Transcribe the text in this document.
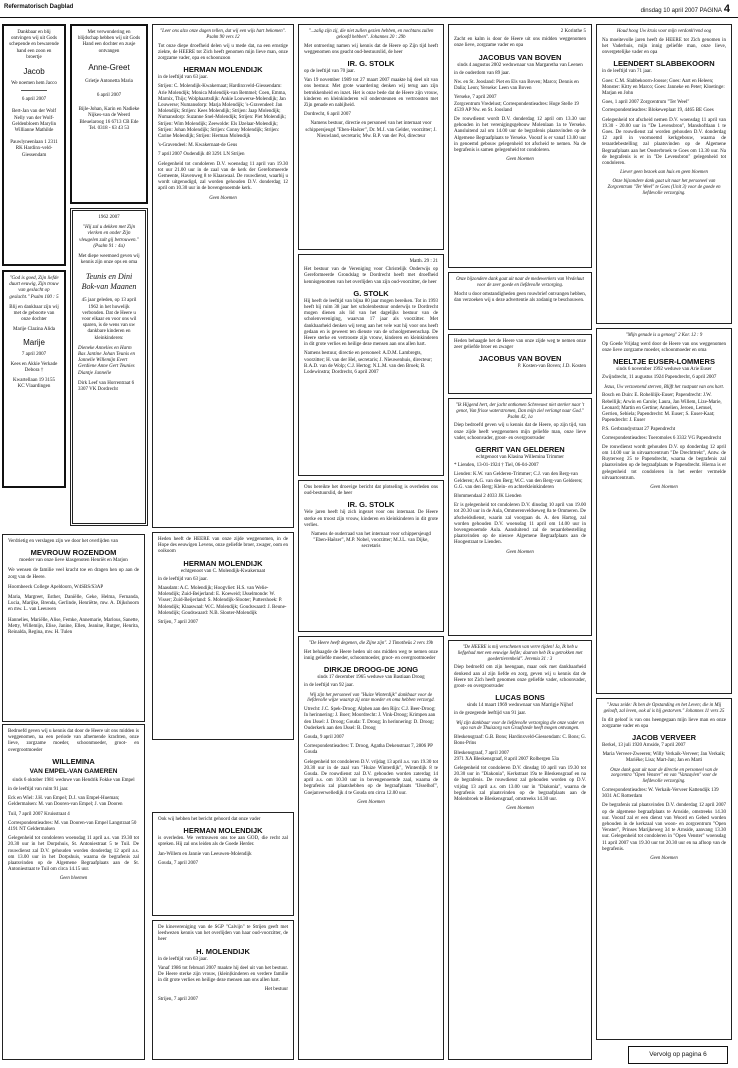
Refermatorisch Dagblad
dinsdag 10 april 2007 PAGINA 4
Dankbaar en blij ontvingen wij uit Gods schepende en bewarende hand een zoon en broertje
Jacob
We noemen hem Jacco
6 april 2007
Bert-Jan van der Wolf Nelly van der Wolf-Geldenbloem Marylin Willianne Mathilde
Pauwlyneenlaan 1 2311 RK Hardinx-veld-Giessendam
"God is goed, Zijn liefde duurt eeuwig, Zijn trouw van geslacht op geslacht." Psalm 100 : 5
Blij en dankbaar zijn wij met de geboorte van onze dochter
Marije Clazina Alida
Marije
7 april 2007
Kees en Akkie Verkade Debora †
Kwartellaan 19 3155 KC Vlaardingen
Verdrietig en verslagen zijn we door het overlijden van
MEVROUW ROZENDOM
moeder van onze lieve klasgenoten Henriët en Marjon
We wensen de familie veel kracht toe en dragen hen op aan de zorg van de Heere.
Hoornbeeck College Apeldoorn, W4SBS/S3AP
Maria, Margreet, Esther, Daniëlle, Geke, Helma, Fernanda, Lucia, Marijke, Brenda, Gerlinde, Henriëtte, mw. A. Dijkshoorn en mw. L. van Leeuwen
Hannelies, Mariëlle, Alise, Femke, Annemarie, Marlous, Sanette, Metty, Willemijn, Elise, Janine, Ellen, Jeanine, Rutger, Henrita, Reinalda, Regina, mw. H. Tulen
Bedroefd geven wij u kennis dat door de Heere uit ons midden is weggenomen, na een periode van afnemende krachten, onze lieve, zorgzame moeder, schoonmoeder, groot- en overgrootmoeder
WILLEMINA
VAN EMPEL-VAN GAMEREN
sinds 6 oktober 1981 weduwe van Hendrik Fokke van Empel
in de leeftijd van ruim 91 jaar.
Eck en Wiel: J.H. van Empel; D.J. van Empel-Hueman; Geldermalsen: M. van Dooren-van Empel; J. van Dooren
Tuil, 7 april 2007 Kruisstraat 4
Correspondentieadres: M. van Dooren-van Empel Langstraat 50 4191 NT Geldermalsen
Gelegenheid tot condoleren woensdag 11 april a.s. van 19.30 tot 20.30 uur in het Dorpshuis, St. Antoniestraat 5 te Tuil. De rouwdienst zal D.V. gehouden worden donderdag 12 april a.s. om 13.00 uur in het Dorpshuis, waarna de begrafenis zal plaatsvinden op de Algemene Begraafplaats aan de St. Antoniestraat te Tuil om circa 14.15 uur.
Geen bloemen
Met verwondering en blijdschap hebben wij uit Gods Hand een dochter en zusje ontvangen
Anne-Greet
Grietje Antonetta Maria
6 april 2007
Bijle-Johan, Karin en Nadieke Nijkes-van de Weerd Bleuelaroog 16 6713 CB Ede Tel. 0318 - 63 43 53
1962 2007
"Hij zal u dekken met Zijn vlerken en onder Zijn vleugelen zult gij betrouwen." (Psalm 91 : 4a)
Met diepe weemoed geven wij kennis zijn onze ops en oma
Teunis en Dini Bok-van Maanen
45 jaar geleden, op 13 april 1962 in het huwelijk verbonden. Dat de Heere u voor elkaar en voor ons wil sparen, is de wens van uw dankbare kinderen en kleinkinderen:
Dieneke Annelies en Harm Bas Jantine Johan Teunis en Jannelie Willemijn Evert Gerdiene Anne Gert Teunies Diantje Jannelie
Dirk Leef van Horrentraat 6 3307 VK Dordrecht
"Leer ons alzo onze dagen tellen, dat wij een wijs hart bekomen". Psalm 90 vers 12
Tot onze diepe droefheid delen wij u mede dat, na een ernstige ziekte, de HEERE tot Zich heeft genomen mijn lieve man, onze zorgzame vader, opa en schoonzoon
HERMAN MOLENDIJK
in de leeftijd van 63 jaar.
Strijen: C. Molendijk-Kwakernaat; Hardinxveld-Giessendam: Arie Molendijk; Monica Molendijk-van Bemmel; Coen, Emma, Marnix, Thijs; Wolphaartsdijk: Ankie Louwerse-Molendijk; Jan Louwerse; Numansdorp: Marja Molendijk; 's-Gravendeel: Jan Molendijk; Strijen: Kees Molendijk; Strijen: Jaap Molendijk; Numansdorp: Suzanne Snel-Molendijk; Strijen: Piet Molendijk; Strijen: Wim Molendijk; Zeewolde: Els IJzelaar-Molendijk; Strijen: Johan Molendijk; Strijen: Conny Molendijk; Strijen: Carine Molendijk; Strijen: Herman Molendijk
's-Gravendeel: M. Kwakernaat-de Geus
7 april 2007 Oudendijk 48 3291 LN Strijen
Gelegenheid tot condoleren D.V. woensdag 11 april van 19.30 tot uur 21.00 uur in de zaal van de kerk der Gereformeerde Gemeente, Havenweg 8 te Klaaswaal. De rouwdienst, waarbij u wordt uitgenodigd, zal worden gehouden D.V. donderdag 12 april om 10.30 uur in de bovengenoemde kerk.
Geen bloemen
Heden heeft de HEERE van onze zijde weggenomen, in de Hope des eeuwigen Levens, onze geliefde broer, zwager, oom en ooikoom
HERMAN MOLENDIJK
echtgenoot van C. Molendijk-Kwakernaat
in de leeftijd van 63 jaar.
Maasdam: A.C. Molendijk; Hoogvliet: H.S. van Welie-Molendijk; Zuid-Beijerland: E. Koeweid; IJsselmonde: W. Visser; Zuid-Beijerland: S. Molendijk-Slooter; Puttershoek: P. Molendijk; Klaaswaal: W.C. Molendijk; Goudswaard: J. Beune-Molendijk; Goudswaard: N.B. Slooter-Molendijk
Strijen, 7 april 2007
Ook wij hebben het bericht gehoord dat onze vader
HERMAN MOLENDIJK
is overleden. We vertrouwen ons toe aan GOD, die recht zal spreken. Hij zal ons leiden als de Goede Herder.
Jan-Willem en Jannie van Leeuwen-Molendijk
Gouda, 7 april 2007
De kinevereniging van de SGP "Calvijn" te Strijen geeft met leedwezen kennis van het overlijden van haar oud-voorzitter, de heer
H. MOLENDIJK
in de leeftijd van 63 jaar.
Vanaf 1986 tot februari 2007 maakte hij deel uit van het bestuur. De Heere sterke zijn vrouw, (klein)kinderen en verdere familie in dit grote verlies en heilige deze mensen aan ons allen hart.
Het bestuur
Strijen, 7 april 2007
"...zalig zijn zij, die niet zullen gezien hebben, en nochtans zullen geloofd hebben". Johannes 20 : 29b
Met ontroering namen wij kennis dat de Heere op Zijn tijd heeft weggenomen ons geacht oud-bestuurslid, de heer
IR. G. STOLK
op de leeftijd van 70 jaar.
Van 19 november 1989 tot 27 maart 2007 maakte hij deel uit van ons bestuur. Met grote waardering denken wij terug aan zijn betrokkenheid en inzet. Het is onze bede dat de Heere zijn vrouw, kinderen en kleinkinderen wil ondersteunen en vertroosten met Zijn genade en nabijheid.
Dordrecht, 6 april 2007
Namens bestuur, directie en personeel van het internaat voor schippersjeugd "Eben-Haëzer", Dr. M.J. van Gelder, voorzitter; J. Nieuwland, secretaris; Mw. B.P. van der Pol, directeur
Matth. 29 : 21
Het bestuur van de Vereniging voor Christelijk Onderwijs op Gereformeerde Grondslag te Dordrecht heeft met droefheid kennisgenomen van het overlijden van zijn oud-voorzitter, de heer
G. STOLK
Hij heeft de leeftijd van bijna 80 jaar mogen bereiken. Tot in 1993 heeft hij ruim 38 jaar het scholenbestuur onderwijs te Dordrecht mogen dienen als lid van het dagelijks bestuur van de scholenvereniging, waarvan 17 jaar als voorzitter. Met dankbaarheid denken wij terug aan het vele wat hij voor ons heeft gedaan en is geweest ten dienste van de schoolgemeenschap. De Heere sterke en vertrooste zijn vrouw, kinderen en kleinkinderen in dit grote verlies en heilige deze mensen aan ons allen hart.
Namens bestuur, directie en personeel: A.D.M. Lambregts, voorzitter; H. van der Hel, secretaris; J. Nieuwenhuis, directeur; B.A.D. van de Wolp; C.J. Hertog; N.L.M. van den Broek; B. Lodewinstra; Dordrecht, 6 april 2007
Ons bereikte het droevige bericht dat plotseling is overleden ons oud-bestuurslid, de heer
IR. G. STOLK
Vele jaren heeft hij zich ingezet voor ons internaat. De Heere sterke en troost zijn vrouw, kinderen en kleinkinderen in dit grote verlies.
Namens de ouderraad van het internaat voor schippersjeugd "Eben-Haëzer", M.P. Nobel, voorzitter; M.J.L. van Dijke, secretaris
"De Heere heeft degenen, die Zijne zijn". 2 Timotheüs 2 vers 19b
Het behaagde de Heere heden uit ons midden weg te nemen onze innig geliefde moeder, schoonmoeder, groot- en overgrootmoeder
DIRKJE DROOG-DE JONG
sinds 17 december 1965 weduwe van Bastiaan Droog
in de leeftijd van 92 jaar.
Wij zijn het personeel van "Huize Winterdijk" dankbaar voor de liefdevolle wijze waarop zij onze moeder en oma hebben verzorgd.
Utrecht: J.C. Spek-Droog; Alphen aan den Rijn: C.J. Beer-Droog; In herinnering: J. Boer; Moordrecht: J. Vink-Droog; Krimpen aan den IJssel: J. Droog; Gouda: T. Droog; In herinnering: D. Droog; Ouderkerk aan den IJssel: B. Droog
Gouda, 9 april 2007
Correspondentieadres: T. Droog, Agatha Dekenstraat 7, 2806 PP Gouda
Gelegenheid tot condoleren D.V. vrijdag 13 april a.s. van 19.30 tot 20.30 uur in de zaal van "Huize Winterdijk", Winterdijk 8 te Gouda. De rouwdienst zal D.V. gehouden worden zaterdag 14 april a.s. om 10.30 uur in bovengenoemde zaal, waarna de begrafenis zal plaatshebben op de begraafplaats "IJsselhof", Goejanverwelledijk 4 te Gouda om circa 12.00 uur.
Geen bloemen
2 Korinthe 5
Zacht en kalm is door de Heere uit ons midden weggenomen onze lieve, zorgzame vader en opa
JACOBUS VAN BOVEN
sinds 4 augustus 2002 weduwnaar van Margaretha van Leenen
in de ouderdom van 89 jaar.
Nw. en St. Joosland: Piet en Els van Boven; Marco; Dennis en Dalia; Leon; Yerseke: Leen van Boven
Yerseke, 7 april 2007
Zorgcentrum Vredelust; Correspondentieadres: Hoge Stelle 19 4539 AP Nw. en St. Joosland
De rouwdienst wordt D.V. donderdag 12 april om 13.30 uur gehouden in het verenigingsgebouw Molenlaan 1a te Yerseke. Aansluitend zal om 14.00 uur de begrafenis plaatsvinden op de Algemene Begraafplaats te Yerseke. Vooraf is er vanaf 13.00 uur in genoemd gebouw gelegenheid tot afscheid te nemen. Na de begrafenis is samen gelegenheid tot condoleren.
Geen bloemen
Onze bijzondere dank gaat uit naar de medewerkers van Vredeluut voor de zeer goede en liefdevolle verzorging.
Mocht u door omstandigheden geen rouwbrief ontvangen hebben, dan verzoeken wij u deze advertentie als zodanig te beschouwen.
Heden behaagde het de Heere van onze zijde weg te nemen onze zeer geliefde broer en zwager
JACOBUS VAN BOVEN
P. Kosten-van Boven; J.D. Kosten
"Ik Hijgend hert, der jacht ontkomen Schreeuwt niet sterker naar 't genot, Van frisse waterstromen, Dan mijn ziel verlangt naar God." Psalm 42, 1a
Diep bedroefd geven wij u kennis dat de Heere, op zijn tijd, van onze zijde heeft weggenomen mijn geliefde man, onze lieve vader, schoonvader, groot- en overgrootvader
GERRIT VAN GELDEREN
echtgenoot van Klasina Willemina Trimmer
* Lienden, 13-01-1924 † Tiel, 06-04-2007
Lienden: K.W. van Gelderen-Trimmer; C.J. van den Berg-van Gelderen; A.G. van den Berg; W.C. van den Berg-van Gelderen; G.G. van den Berg; Klein- en achterkleinkinderen
Blommendaal 2 4033 JK Lienden
Er is gelegenheid tot condoleren D.V. dinsdag 10 april van 19.00 tot 20.30 uur in de Aula, Ommerenveldseweg 8a te Ommeren. De afscheidsdienst, waarin zal voorgaan ds. A. den Hartog, zal worden gehouden D.V. woensdag 11 april om 14.00 uur in bovengenoemde Aula. Aansluitend zal de teraardebestelling plaatsvinden op de nieuwe Algemene Begraafplaats aan de Hoogestraat te Lienden.
Geen bloemen
"De HEERE is mij verschenen van verre tijden! Ja, Ik heb u liefgehad met een eeuwige liefde; daarom heb Ik u getrokken met goedertierenheid". Jeremia 31 : 3
Diep bedroefd om zijn heengaan, maar ook met dankbaarheid denkend aan al zijn liefde en zorg, geven wij u kennis dat de Heere tot Zich heeft genomen onze geliefde vader, schoonvader, groot- en overgrootvader
LUCAS BONS
sinds 14 maart 1969 weduwnaar van Marrigje Nijhof
in de gezegende leeftijd van 91 jaar.
Wij zijn dankbaar voor de liefdevolle verzorging die onze vader en opa van de Thuiszorg van Graafstede heeft mogen ontvangen.
Bleskensgraaf: G.B. Bons; Hardinxveld-Giessendam: C. Bons; G. Bons-Prins
Bleskensgraaf, 7 april 2007
2971 XA Bleskensgraaf, 8 april 2007 Rolbergen 53a
Gelegenheid tot condoleren D.V. dinsdag 10 april van 19.30 tot 20.30 uur in "Diakonia", Kerkstraat 19a te Bleskensgraaf en na de begrafenis. De rouwdienst zal gehouden worden op D.V. vrijdag 13 april a.s. om 13.00 uur in "Diakonia", waarna de begrafenis zal plaatsvinden op de begraafplaats aan de Molenbroek te Bleskensgraaf, omstreeks 14.30 uur.
Geen bloemen
Houd hoog Uw kruis voor mijn verdonk'rend oog
Na moeitevolle jaren heeft de HEERE tot Zich genomen in het Vaderhuis, mijn innig geliefde man, onze lieve, onvergetelijke vader en opa
LEENDERT SLABBEKOORN
in de leeftijd van 71 jaar.
Goes: C.M. Slabbekoorn-Joosse; Goes: Aart en Heleen; Monster: Kitty en Marco; Goes: Janneke en Peter; Kloetinge: Marjan en John
Goes, 1 april 2007 Zorgcentrum "Ter Weel"
Correspondentieadres: Blokeweplaat 19, 4465 BE Goes
Gelegenheid tot afscheid nemen D.V. woensdag 11 april van 19.30 - 20.00 uur in "De Levensbron", Manshoftlaan 1 te Goes. De rouwdienst zal worden gehouden D.V. donderdag 12 april in voornoemd kerkgebouw, waarna de teraardebestelling zal plaatsvinden op de Algemene Begraafplaats aan het Oosterbroek te Goes om 13.30 uur. Na de begrafenis is er in "De Levensbron" gelegenheid tot condoleren.
Liever geen bezoek aan huis en geen bloemen
Onze bijzondere dank gaat uit naar het personeel van Zorgcentrum "Ter Weel" te Goes (Unit 3) voor de goede en liefdevolle verzorging.
"Mijn genade is u genoeg" 2 Kor. 12 : 9
Op Goede Vrijdag werd door de Heere van ons weggenomen onze lieve zorgzame moeder, schoonmoeder en oma
NEELTJE EUSER-LOMMERS
sinds 6 november 1992 weduwe van Arie Euser
Zwijndrecht, 11 augustus 1924 Papendrecht, 6 april 2007
Jezus, Uw verzoenend sterven, Blijft het rustpunt van ons hart.
Bosch en Duin: E. Rohelilijk-Euser; Papendrecht: J.W. Rebellijk; Arwin en Carole; Laura, Jan Willem, Lize-Marie, Leonard; Martin en Gertine; Annelien, Jeroen, Lemuel, Gerrien, Sebiela; Papendrecht: M. Euser; S. Euser-Kaat; Papendrecht: J. Euser
P.S. Gerbrandystraat 27 Papendrecht
Correspondentieadres: Toeromoles 6 3332 VG Papendrecht
De rouwdienst wordt gehouden D.V. op donderdag 12 april om 14.00 uur in uitvaartcentrum "De Drechttrekt", Antw. de Ruyterweg 25 te Papendrecht, waarna de begrafenis zal plaatsvinden op de begraafplaats te Papendrecht. Hierna is er gelegenheid tot condoleren in het eerder vermelde uitvaartcentrum.
Geen bloemen
"Jezus zeide: Ik ben de Opstanding en het Leven; die in Mij gelooft, zal leven, ook al is hij gestorven." Johannes 11 vers 25
In dit geloof is van ons heengegaan mijn lieve man en onze zorgzame vader en opa
JACOB VERVEER
Berkel, 13 juli 1920 Arnside, 7 april 2007
Maria Verveer-Zweeren; Willy Verkaik-Verveer; Jan Verkaik; Mariëke; Lisa; Mart-Jan; Jan en Marti
Onze dank gaat uit naar de directie en personeel van de zorgcentra "Open Venster" en van "Vanzaylen" voor de liefdevolle verzorging.
Correspondentieadres: W. Verkaik-Verveer Kattendijk 139 3031 AC Rotterdam
De begrafenis zal plaatsvinden D.V. donderdag 12 april 2007 op de algemene begraafplaats te Arnside, omstreeks 14.30 uur. Vooraf zal er een dienst van Woord en Gebed worden gehouden in de kerkzaal van woon- en zorgcentrum "Open Venster", Prinses Marijkeweg 34 te Arnside, aanvang 13.30 uur. Gelegenheid tot condoleren in "Open Venster" woensdag 11 april 2007 van 19.30 uur tot 20.30 uur en na afloop van de begrafenis.
Geen bloemen
Vervolg op pagina 6
